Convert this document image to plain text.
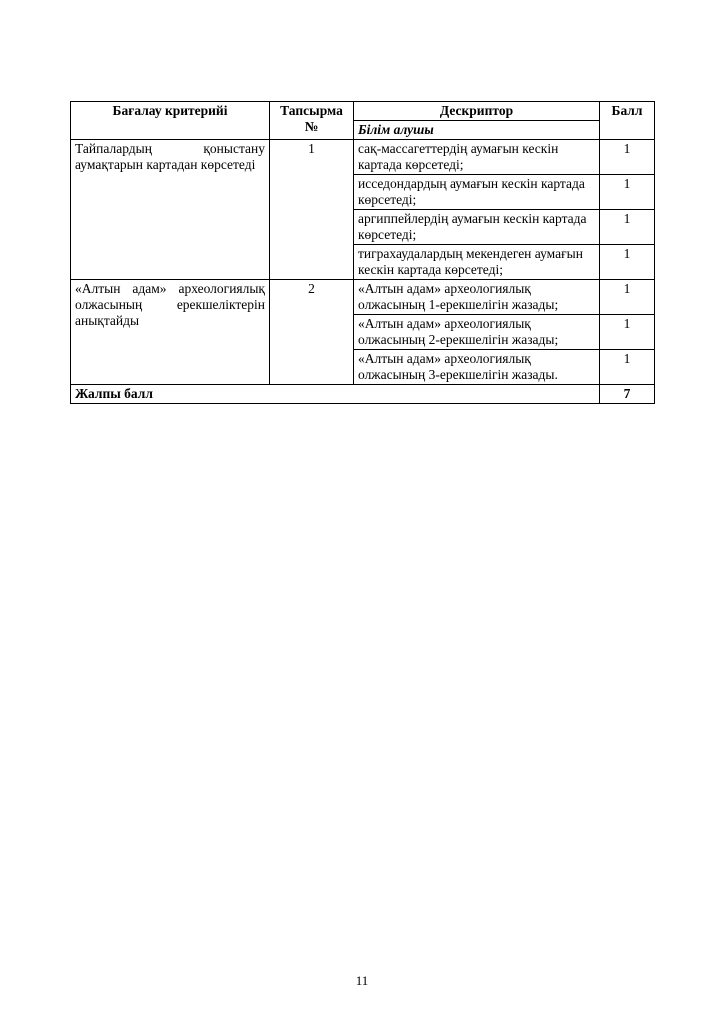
Бағалау критерийі	Тапсырма №	Дескриптор	Балл
		Білім алушы	
Тайпалардың қоныстану аумақтарын картадан көрсетеді	1	сақ-массагеттердің аумағын кескін картада көрсетеді;	1
		исседондардың аумағын кескін картада көрсетеді;	1
		аргиппейлердің аумағын кескін картада көрсетеді;	1
		тиграхаудалардың мекендеген аумағын кескін картада көрсетеді;	1
«Алтын адам» археологиялық олжасының ерекшеліктерін анықтайды	2	«Алтын адам» археологиялық олжасының 1-ерекшелігін жазады;	1
		«Алтын адам» археологиялық олжасының 2-ерекшелігін жазады;	1
		«Алтын адам» археологиялық олжасының 3-ерекшелігін жазады.	1
Жалпы балл			7
11
